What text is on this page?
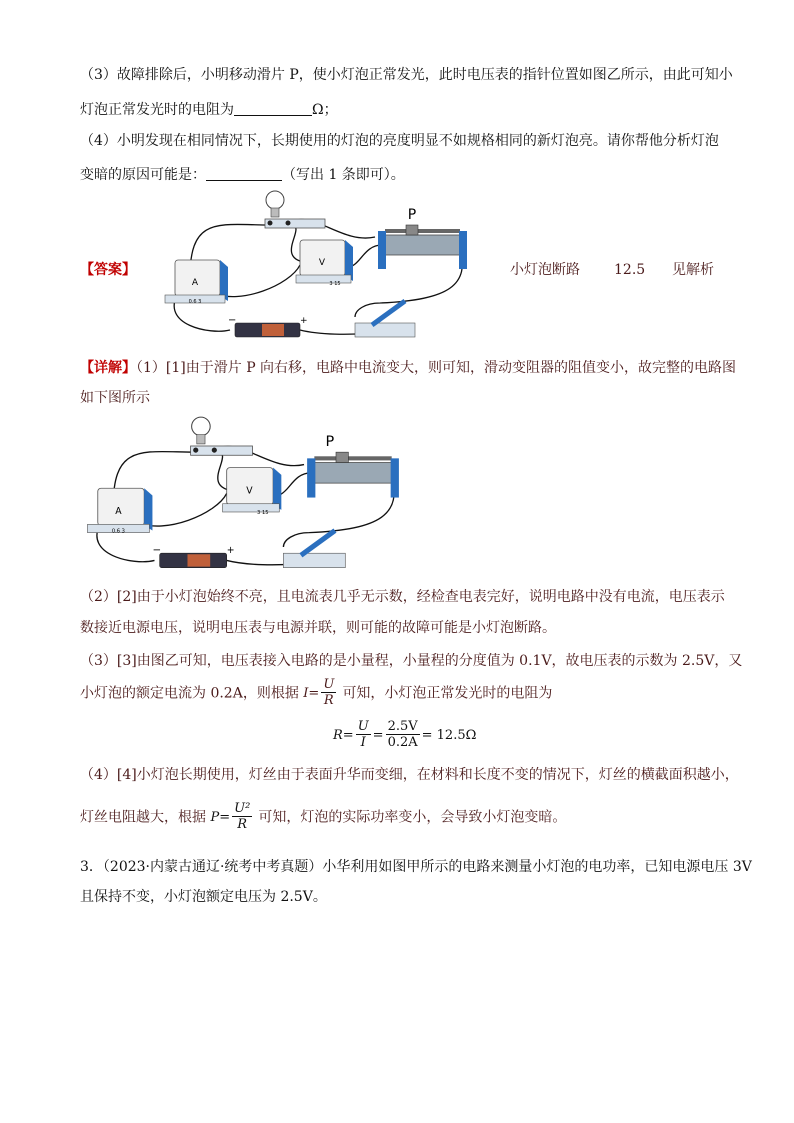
（3）故障排除后，小明移动滑片 P，使小灯泡正常发光，此时电压表的指针位置如图乙所示，由此可知小
灯泡正常发光时的电阻为	Ω；
（4）小明发现在相同情况下，长期使用的灯泡的亮度明显不如规格相同的新灯泡亮。请你帮他分析灯泡
变暗的原因可能是：	（写出 1 条即可）。
【答案】	小灯泡断路 12.5 见解析
V
3 15
A
0.6 3
P
−	+
【详解】（1）[1]由于滑片 P 向右移，电路中电流变大，则可知，滑动变阻器的阻值变小，故完整的电路图
如下图所示
V
3 15
A
0.6 3
P
−	+
（2）[2]由于小灯泡始终不亮，且电流表几乎无示数，经检查电表完好，说明电路中没有电流，电压表示
数接近电源电压，说明电压表与电源并联，则可能的故障可能是小灯泡断路。
（3）[3]由图乙可知，电压表接入电路的是小量程，小量程的分度值为 0.1V，故电压表的示数为 2.5V，又
小灯泡的额定电流为 0.2A，则根据 $I= \frac{U}{R}$ 可知，小灯泡正常发光时的电阻为
$R= \frac{U}{I} = \frac{2.5V}{0.2A} = 12.5\Omega$
（4）[4]小灯泡长期使用，灯丝由于表面升华而变细，在材料和长度不变的情况下，灯丝的横截面积越小，
灯丝电阻越大，根据 $P= \frac{\text{U²}}{R}$ 可知，灯泡的实际功率变小，会导致小灯泡变暗。
3．（2023·内蒙古通辽·统考中考真题）小华利用如图甲所示的电路来测量小灯泡的电功率，已知电源电压 3V
且保持不变，小灯泡额定电压为 2.5V。
